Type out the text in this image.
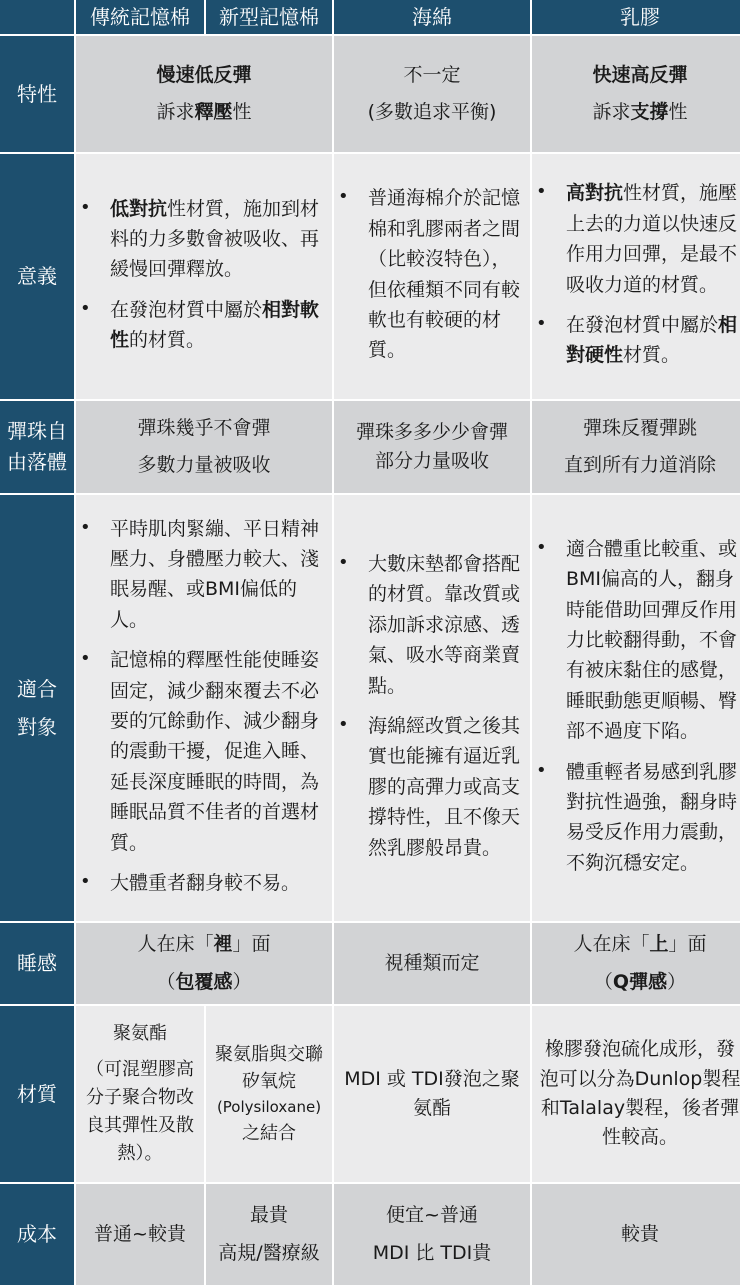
傳統記憶棉 新型記憶棉	海綿	乳膠
特性
慢速低反彈
訴求釋壓性
不一定
(多數追求平衡)
快速高反彈
訴求支撐性
意義
• 低對抗性材質，施加到材料的力多數會被吸收、再緩慢回彈釋放。
• 在發泡材質中屬於相對軟性的材質。
• 普通海棉介於記憶棉和乳膠兩者之間（比較沒特色），但依種類不同有較軟也有較硬的材質。
• 高對抗性材質，施壓上去的力道以快速反作用力回彈，是最不吸收力道的材質。
• 在發泡材質中屬於相對硬性材質。
彈珠自由落體
彈珠幾乎不會彈
多數力量被吸收
彈珠多多少少會彈
部分力量吸收
彈珠反覆彈跳
直到所有力道消除
適合
對象
• 平時肌肉緊繃、平日精神壓力、身體壓力較大、淺眠易醒、或BMI偏低的人。
• 記憶棉的釋壓性能使睡姿固定，減少翻來覆去不必要的冗餘動作、減少翻身的震動干擾，促進入睡、延長深度睡眠的時間，為睡眠品質不佳者的首選材質。
• 大體重者翻身較不易。
• 大數床墊都會搭配的材質。靠改質或添加訴求涼感、透氣、吸水等商業賣點。
• 海綿經改質之後其實也能擁有逼近乳膠的高彈力或高支撐特性，且不像天然乳膠般昂貴。
• 適合體重比較重、或BMI偏高的人，翻身時能借助回彈反作用力比較翻得動，不會有被床黏住的感覺，睡眠動態更順暢、臀部不過度下陷。
• 體重輕者易感到乳膠對抗性過強，翻身時易受反作用力震動，不夠沉穩安定。
睡感
人在床「裡」面
（包覆感）
視種類而定
人在床「上」面
（Q彈感）
材質
聚氨酯
（可混塑膠高分子聚合物改良其彈性及散熱）。
聚氨脂與交聯矽氧烷
(Polysiloxane)
之結合
MDI 或 TDI發泡之聚氨酯
橡膠發泡硫化成形，發泡可以分為Dunlop製程和Talalay製程，後者彈性較高。
成本 普通~較貴
最貴
高規/醫療級
便宜~普通
MDI 比 TDI貴
較貴
